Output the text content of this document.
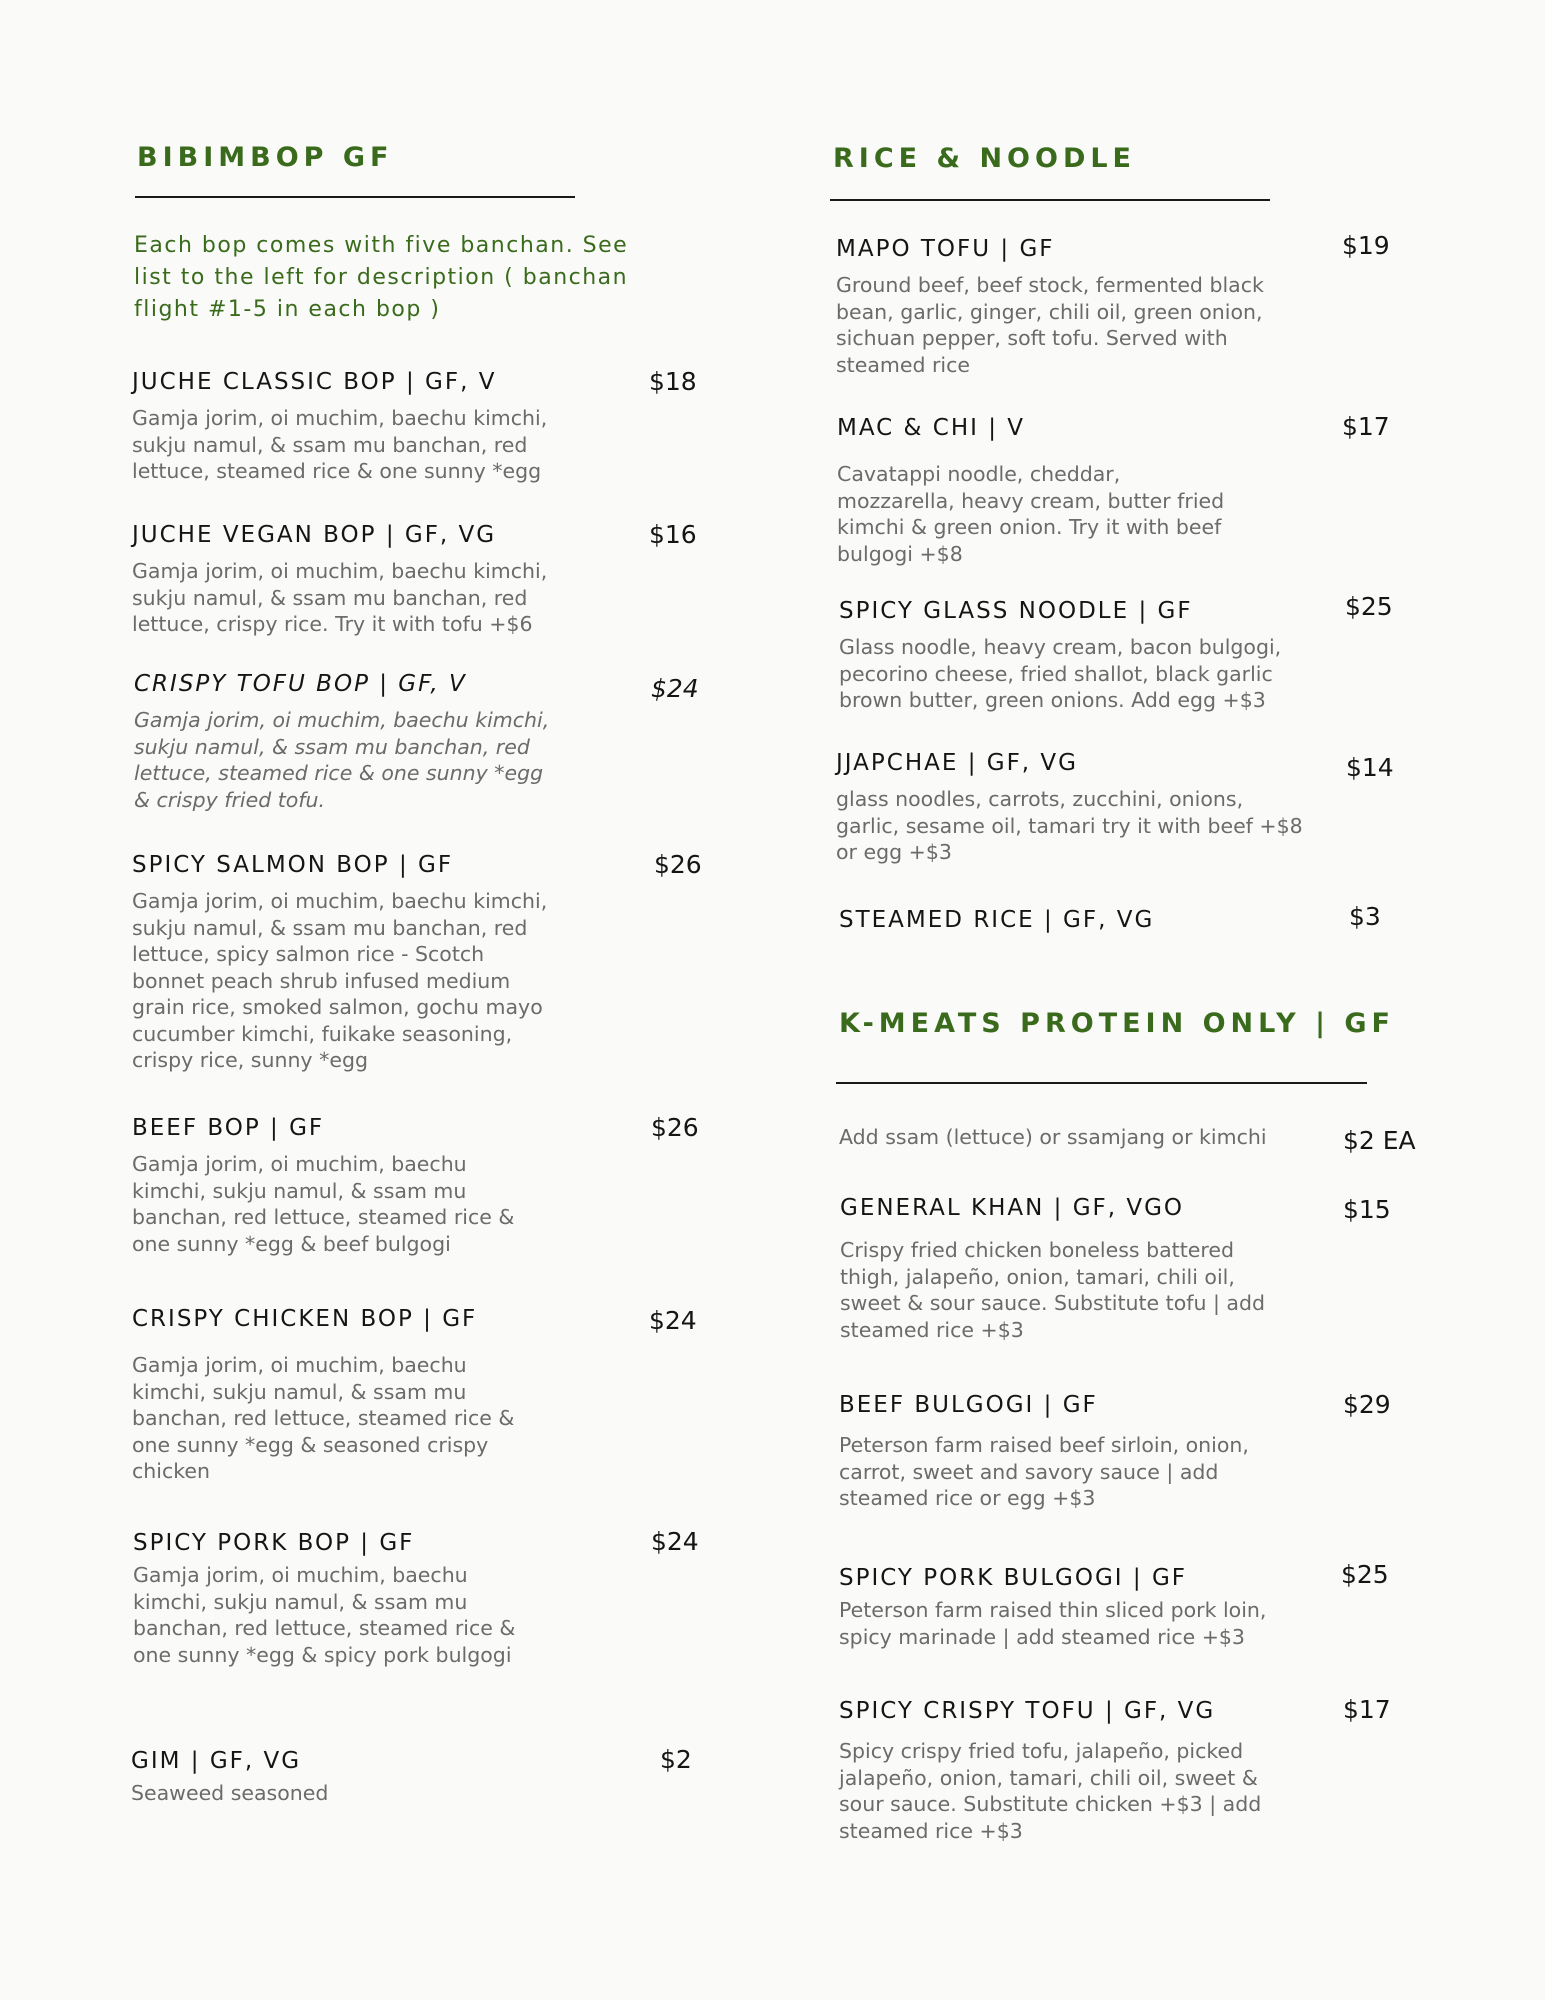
BIBIMBOP GF

Each bop comes with five banchan. See list to the left for description ( banchan flight #1-5 in each bop )

JUCHE CLASSIC BOP | GF, V
Gamja jorim, oi muchim, baechu kimchi, sukju namul, & ssam mu banchan, red lettuce, steamed rice & one sunny *egg
$18
JUCHE VEGAN BOP | GF, VG
Gamja jorim, oi muchim, baechu kimchi, sukju namul, & ssam mu banchan, red lettuce, crispy rice. Try it with tofu +$6
$16
CRISPY TOFU BOP | GF, V
Gamja jorim, oi muchim, baechu kimchi, sukju namul, & ssam mu banchan, red lettuce, steamed rice & one sunny *egg & crispy fried tofu.
$24
SPICY SALMON BOP | GF
Gamja jorim, oi muchim, baechu kimchi, sukju namul, & ssam mu banchan, red lettuce, spicy salmon rice - Scotch bonnet peach shrub infused medium grain rice, smoked salmon, gochu mayo cucumber kimchi, fuikake seasoning, crispy rice, sunny *egg
$26
BEEF BOP | GF
Gamja jorim, oi muchim, baechu kimchi, sukju namul, & ssam mu banchan, red lettuce, steamed rice & one sunny *egg & beef bulgogi
$26
CRISPY CHICKEN BOP | GF
Gamja jorim, oi muchim, baechu kimchi, sukju namul, & ssam mu banchan, red lettuce, steamed rice & one sunny *egg & seasoned crispy chicken
$24
SPICY PORK BOP | GF
Gamja jorim, oi muchim, baechu kimchi, sukju namul, & ssam mu banchan, red lettuce, steamed rice & one sunny *egg & spicy pork bulgogi
$24
GIM | GF, VG
Seaweed seasoned
$2
RICE & NOODLE
MAPO TOFU | GF
Ground beef, beef stock, fermented black bean, garlic, ginger, chili oil, green onion, sichuan pepper, soft tofu. Served with steamed rice
$19
MAC & CHI | V
Cavatappi noodle, cheddar, mozzarella, heavy cream, butter fried kimchi & green onion. Try it with beef bulgogi +$8
$17
SPICY GLASS NOODLE | GF
Glass noodle, heavy cream, bacon bulgogi, pecorino cheese, fried shallot, black garlic brown butter, green onions. Add egg +$3
$25
JJAPCHAE | GF, VG
glass noodles, carrots, zucchini, onions, garlic, sesame oil, tamari try it with beef +$8 or egg +$3
$14
STEAMED RICE | GF, VG	$3
K-MEATS PROTEIN ONLY | GF
Add ssam (lettuce) or ssamjang or kimchi	$2 EA
GENERAL KHAN | GF, VGO
Crispy fried chicken boneless battered thigh, jalapeño, onion, tamari, chili oil, sweet & sour sauce. Substitute tofu | add steamed rice +$3
$15
BEEF BULGOGI | GF
Peterson farm raised beef sirloin, onion, carrot, sweet and savory sauce | add steamed rice or egg +$3
$29
SPICY PORK BULGOGI | GF
Peterson farm raised thin sliced pork loin, spicy marinade | add steamed rice +$3
$25
SPICY CRISPY TOFU | GF, VG
Spicy crispy fried tofu, jalapeño, picked jalapeño, onion, tamari, chili oil, sweet & sour sauce. Substitute chicken +$3 | add steamed rice +$3
$17
